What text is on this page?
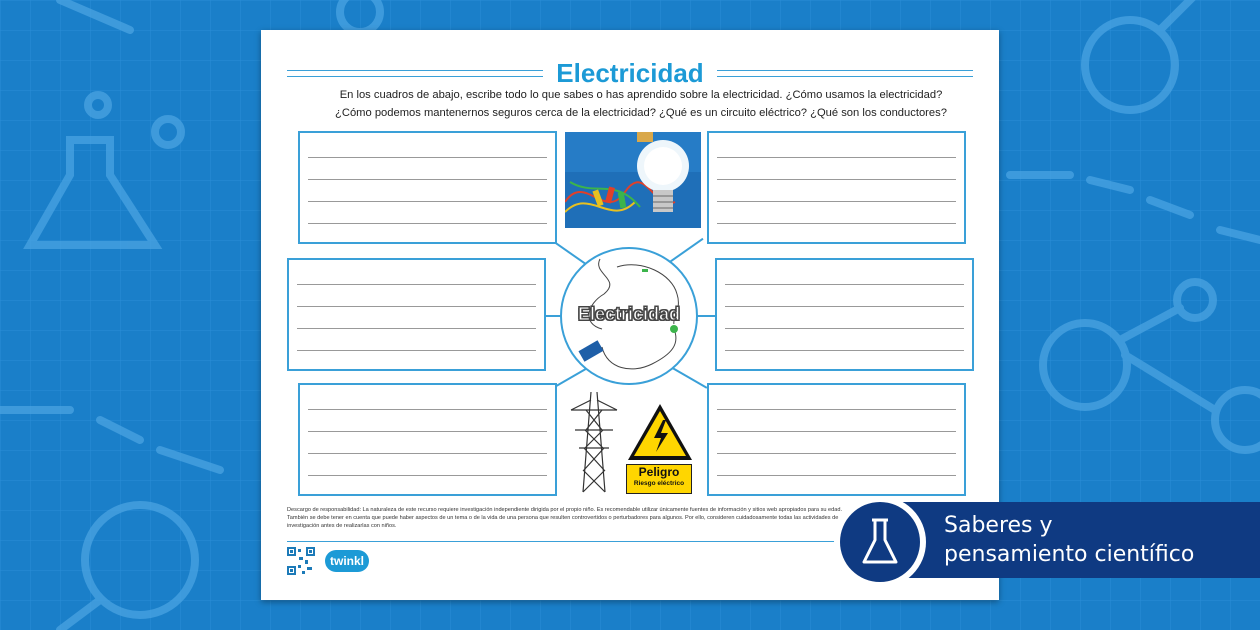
Electricidad
En los cuadros de abajo, escribe todo lo que sabes o has aprendido sobre la electricidad. ¿Cómo usamos la electricidad?
¿Cómo podemos mantenernos seguros cerca de la electricidad? ¿Qué es un circuito eléctrico? ¿Qué son los conductores?
Electricidad
Peligro
Riesgo eléctrico
Descargo de responsabilidad: La naturaleza de este recurso requiere investigación independiente dirigida por el propio niño. Es recomendable utilizar únicamente fuentes de información y sitios web apropiados para su edad. También se debe tener en cuenta que puede haber aspectos de un tema o de la vida de una persona que resulten controvertidos o perturbadores para algunos. Por ello, consideren cuidadosamente todas las actividades de investigación antes de realizarlas con niños.
twinkl
Saberes y
pensamiento científico
